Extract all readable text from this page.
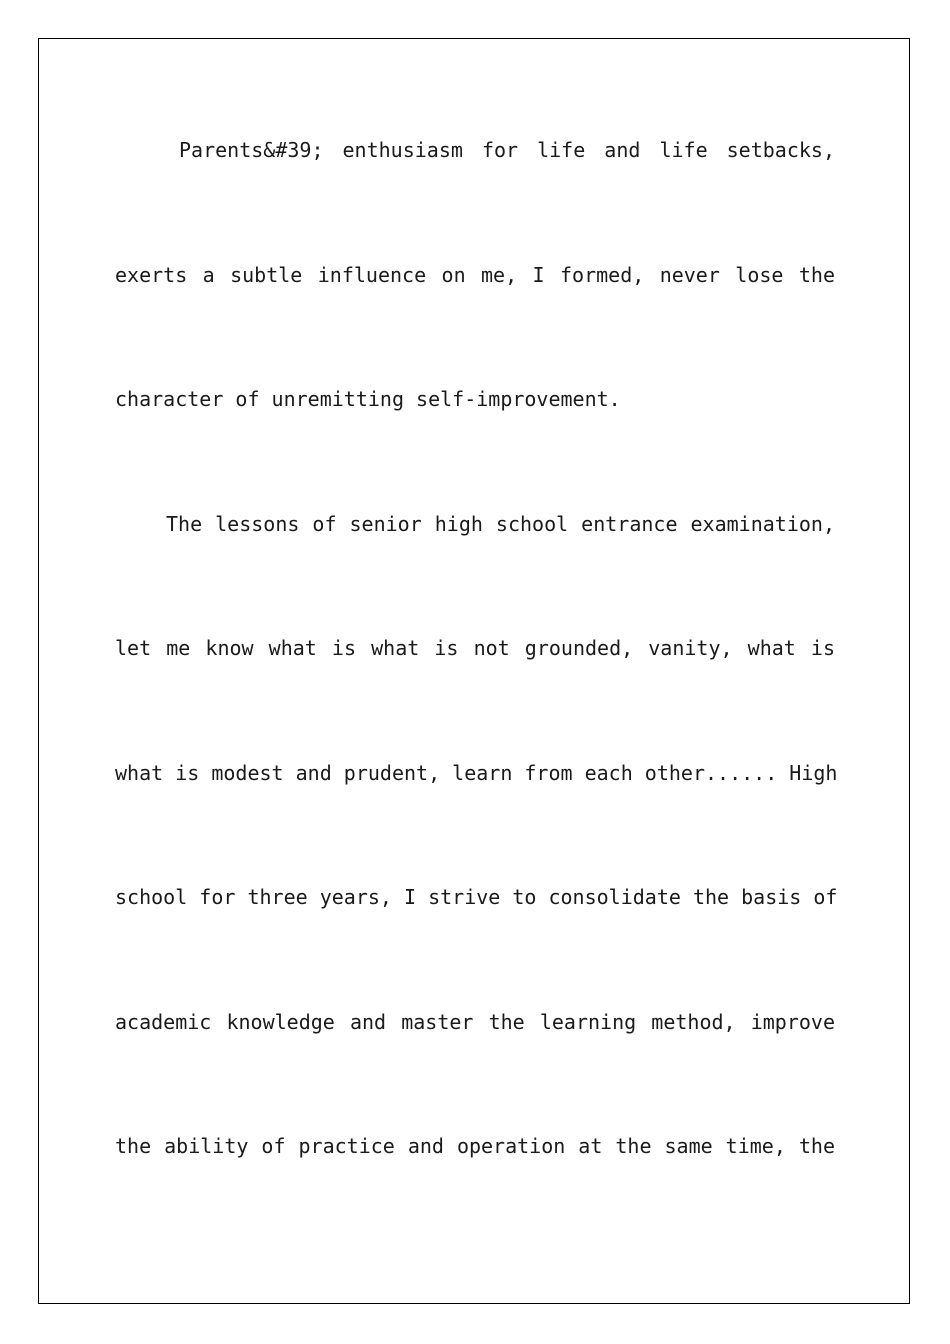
Parents&#39; enthusiasm for life and life setbacks,
exerts a subtle influence on me, I formed, never lose the
character of unremitting self-improvement.
The lessons of senior high school entrance examination,
let me know what is what is not grounded, vanity, what is
what is modest and prudent, learn from each other...... High
school for three years, I strive to consolidate the basis of
academic knowledge and master the learning method, improve
the ability of practice and operation at the same time, the
